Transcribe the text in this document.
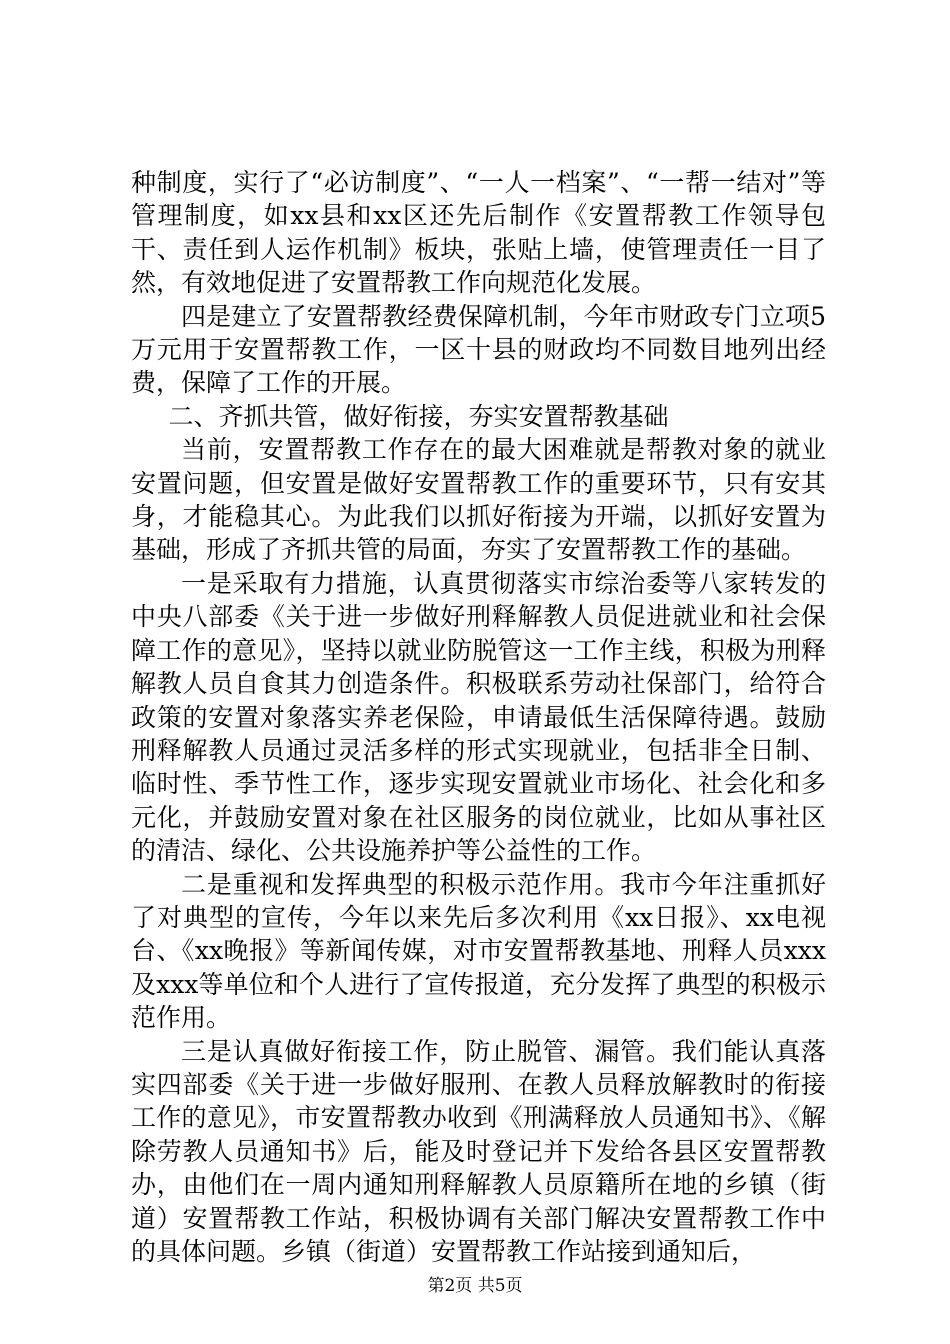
种制度，实行了“必访制度”、“一人一档案”、“一帮一结对”等管理制度，如xx县和xx区还先后制作《安置帮教工作领导包干、责任到人运作机制》板块，张贴上墙，使管理责任一目了然，有效地促进了安置帮教工作向规范化发展。

四是建立了安置帮教经费保障机制，今年市财政专门立项5万元用于安置帮教工作，一区十县的财政均不同数目地列出经费，保障了工作的开展。

二、齐抓共管，做好衔接，夯实安置帮教基础

当前，安置帮教工作存在的最大困难就是帮教对象的就业安置问题，但安置是做好安置帮教工作的重要环节，只有安其身，才能稳其心。为此我们以抓好衔接为开端，以抓好安置为基础，形成了齐抓共管的局面，夯实了安置帮教工作的基础。

一是采取有力措施，认真贯彻落实市综治委等八家转发的中央八部委《关于进一步做好刑释解教人员促进就业和社会保障工作的意见》，坚持以就业防脱管这一工作主线，积极为刑释解教人员自食其力创造条件。积极联系劳动社保部门，给符合政策的安置对象落实养老保险，申请最低生活保障待遇。鼓励刑释解教人员通过灵活多样的形式实现就业，包括非全日制、临时性、季节性工作，逐步实现安置就业市场化、社会化和多元化，并鼓励安置对象在社区服务的岗位就业，比如从事社区的清洁、绿化、公共设施养护等公益性的工作。

二是重视和发挥典型的积极示范作用。我市今年注重抓好了对典型的宣传，今年以来先后多次利用《xx日报》、xx电视台、《xx晚报》等新闻传媒，对市安置帮教基地、刑释人员xxx及xxx等单位和个人进行了宣传报道，充分发挥了典型的积极示范作用。

三是认真做好衔接工作，防止脱管、漏管。我们能认真落实四部委《关于进一步做好服刑、在教人员释放解教时的衔接工作的意见》，市安置帮教办收到《刑满释放人员通知书》、《解除劳教人员通知书》后，能及时登记并下发给各县区安置帮教办，由他们在一周内通知刑释解教人员原籍所在地的乡镇（街道）安置帮教工作站，积极协调有关部门解决安置帮教工作中的具体问题。乡镇（街道）安置帮教工作站接到通知后，

第2页 共5页
